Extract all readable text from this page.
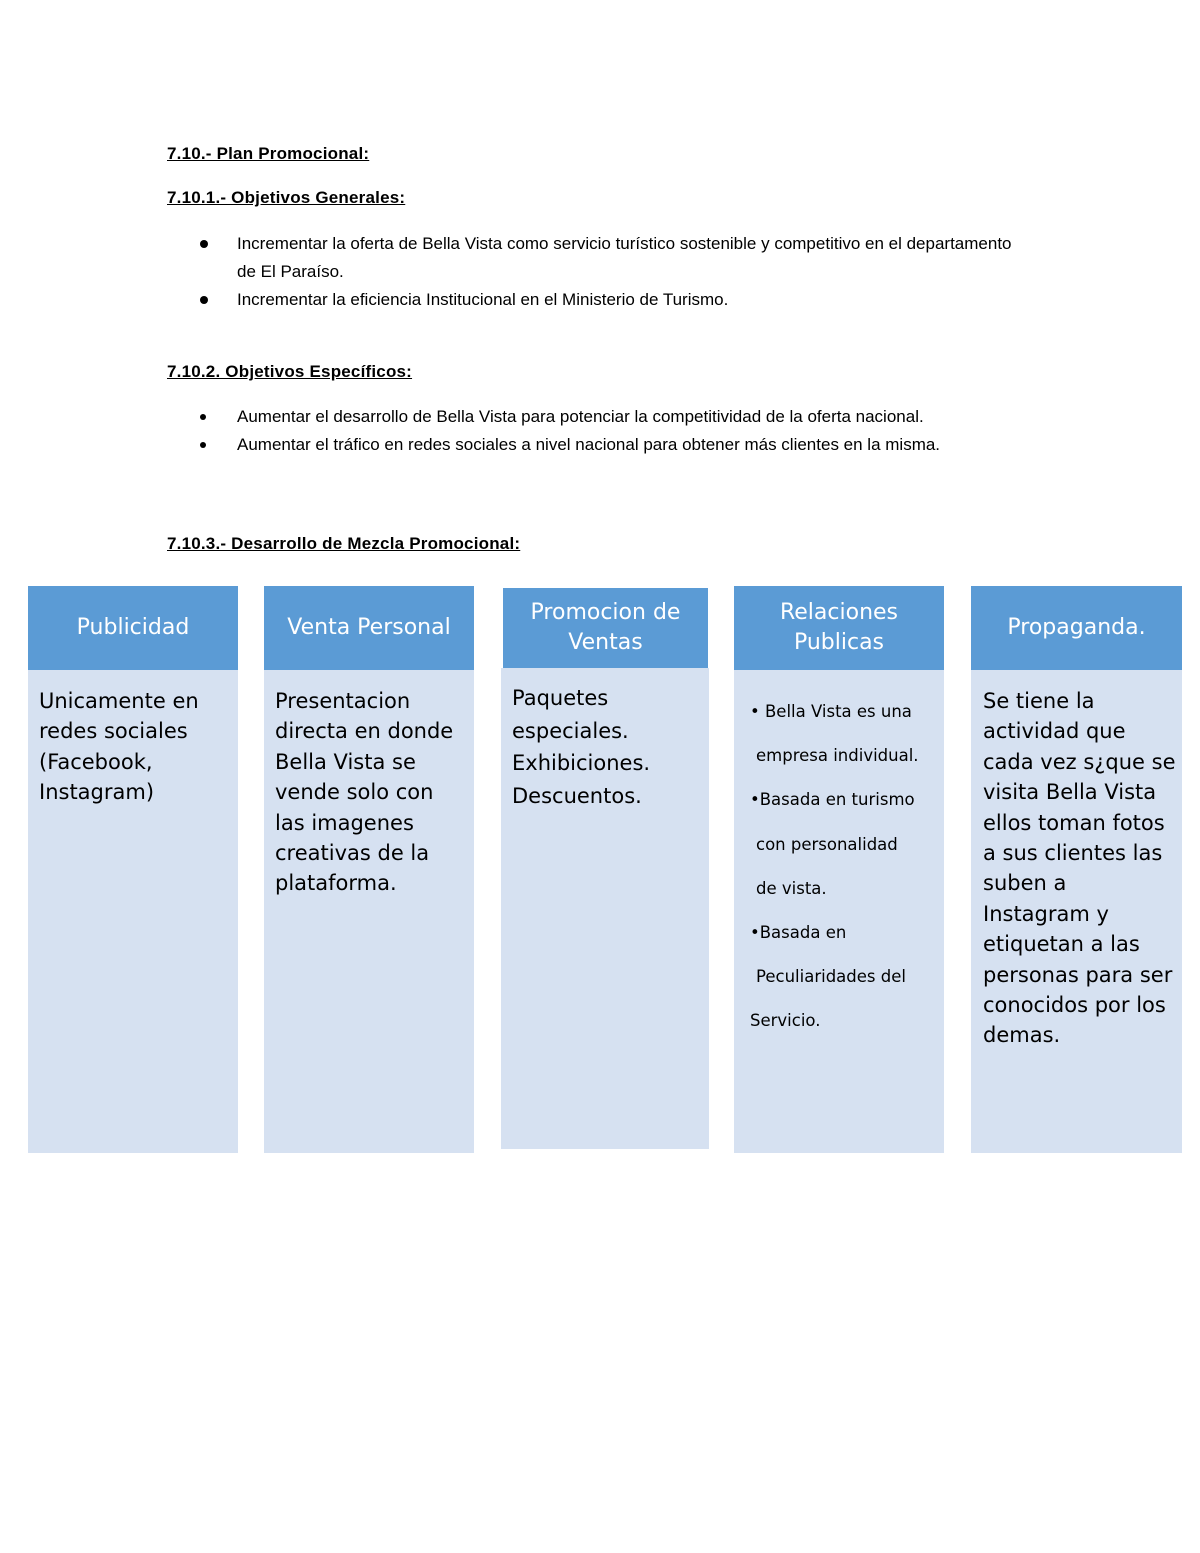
7.10.- Plan Promocional:
7.10.1.- Objetivos Generales:
Incrementar la oferta de Bella Vista como servicio turístico sostenible y competitivo en el departamento de El Paraíso.
Incrementar la eficiencia Institucional en el Ministerio de Turismo.
7.10.2. Objetivos Específicos:
Aumentar el desarrollo de Bella Vista para potenciar la competitividad de la oferta nacional.
Aumentar el tráfico en redes sociales a nivel nacional para obtener más clientes en la misma.
7.10.3.- Desarrollo de Mezcla Promocional:
Publicidad
Unicamente en redes sociales (Facebook, Instagram)
Venta Personal
Presentacion directa en donde Bella Vista se vende solo con las imagenes creativas de la plataforma.
Promocion de Ventas
Paquetes
especiales.
Exhibiciones.
Descuentos.
Relaciones Publicas
• Bella Vista es una
empresa individual.
•Basada en turismo
con personalidad
de vista.
•Basada en
Peculiaridades del
Servicio.
Propaganda.
Se tiene la actividad que cada vez s¿que se visita Bella Vista ellos toman fotos a sus clientes las suben a Instagram y etiquetan a las personas para ser conocidos por los demas.
